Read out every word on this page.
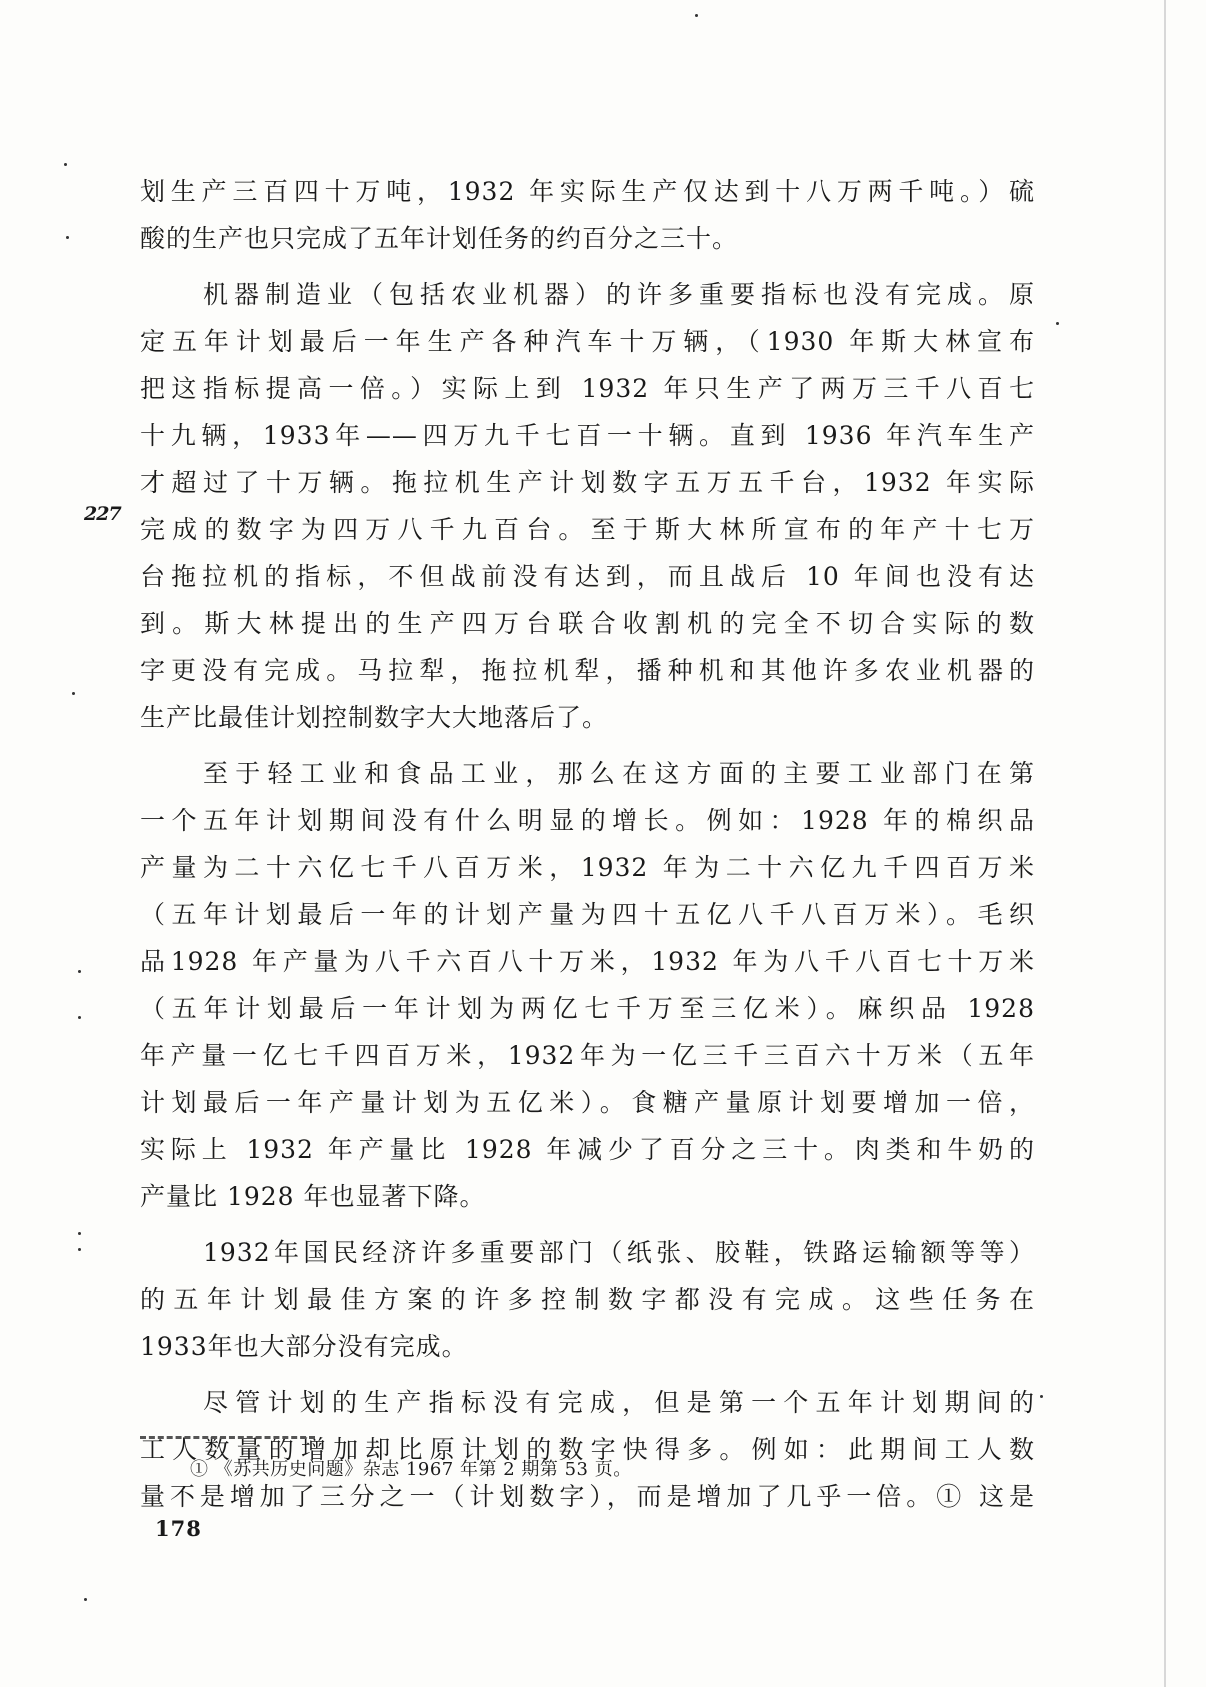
227
划生产三百四十万吨，1932 年实际生产仅达到十八万两千吨。）硫
酸的生产也只完成了五年计划任务的约百分之三十。
机器制造业（包括农业机器）的许多重要指标也没有完成。原
定五年计划最后一年生产各种汽车十万辆，（1930 年斯大林宣布
把这指标提高一倍。）实际上到 1932 年只生产了两万三千八百七
十九辆，1933年——四万九千七百一十辆。直到 1936 年汽车生产
才超过了十万辆。拖拉机生产计划数字五万五千台，1932 年实际
完成的数字为四万八千九百台。至于斯大林所宣布的年产十七万
台拖拉机的指标，不但战前没有达到，而且战后 10 年间也没有达
到。斯大林提出的生产四万台联合收割机的完全不切合实际的数
字更没有完成。马拉犁，拖拉机犁，播种机和其他许多农业机器的
生产比最佳计划控制数字大大地落后了。
至于轻工业和食品工业，那么在这方面的主要工业部门在第
一个五年计划期间没有什么明显的增长。例如：1928 年的棉织品
产量为二十六亿七千八百万米，1932 年为二十六亿九千四百万米
（五年计划最后一年的计划产量为四十五亿八千八百万米）。毛织
品1928 年产量为八千六百八十万米，1932 年为八千八百七十万米
（五年计划最后一年计划为两亿七千万至三亿米）。麻织品 1928
年产量一亿七千四百万米，1932年为一亿三千三百六十万米（五年
计划最后一年产量计划为五亿米）。食糖产量原计划要增加一倍，
实际上 1932 年产量比 1928 年减少了百分之三十。肉类和牛奶的
产量比 1928 年也显著下降。
1932年国民经济许多重要部门（纸张、胶鞋，铁路运输额等等）
的五年计划最佳方案的许多控制数字都没有完成。这些任务在
1933年也大部分没有完成。
尽管计划的生产指标没有完成，但是第一个五年计划期间的
工人数量的增加却比原计划的数字快得多。例如：此期间工人数
量不是增加了三分之一（计划数字），而是增加了几乎一倍。① 这是
① 《苏共历史问题》杂志 1967 年第 2 期第 53 页。
178
